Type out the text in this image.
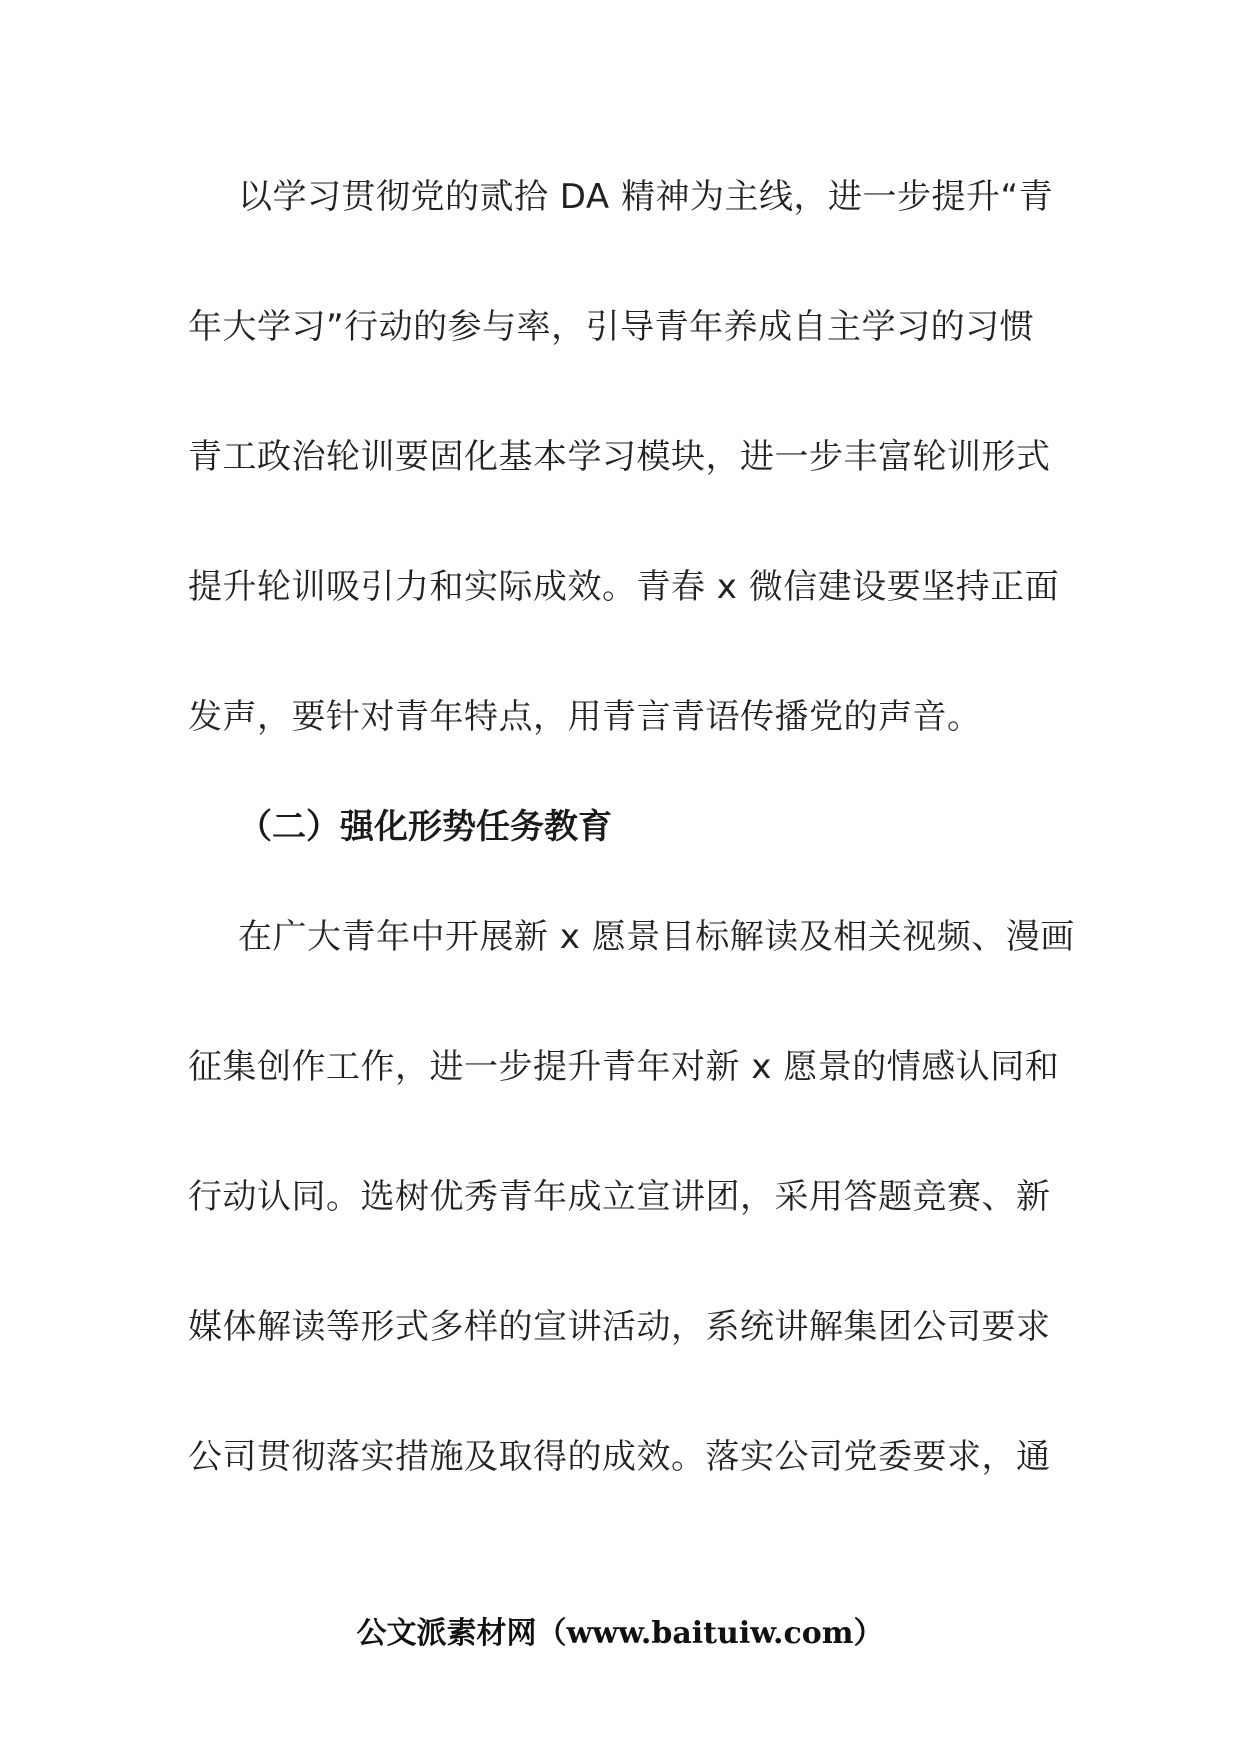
以学习贯彻党的贰拾 DA 精神为主线，进一步提升“青
年大学习”行动的参与率，引导青年养成自主学习的习惯
青工政治轮训要固化基本学习模块，进一步丰富轮训形式
提升轮训吸引力和实际成效。青春 x 微信建设要坚持正面
发声，要针对青年特点，用青言青语传播党的声音。
（二）强化形势任务教育
在广大青年中开展新 x 愿景目标解读及相关视频、漫画
征集创作工作，进一步提升青年对新 x 愿景的情感认同和
行动认同。选树优秀青年成立宣讲团，采用答题竞赛、新
媒体解读等形式多样的宣讲活动，系统讲解集团公司要求
公司贯彻落实措施及取得的成效。落实公司党委要求，通
公文派素材网（www.baituiw.com）
